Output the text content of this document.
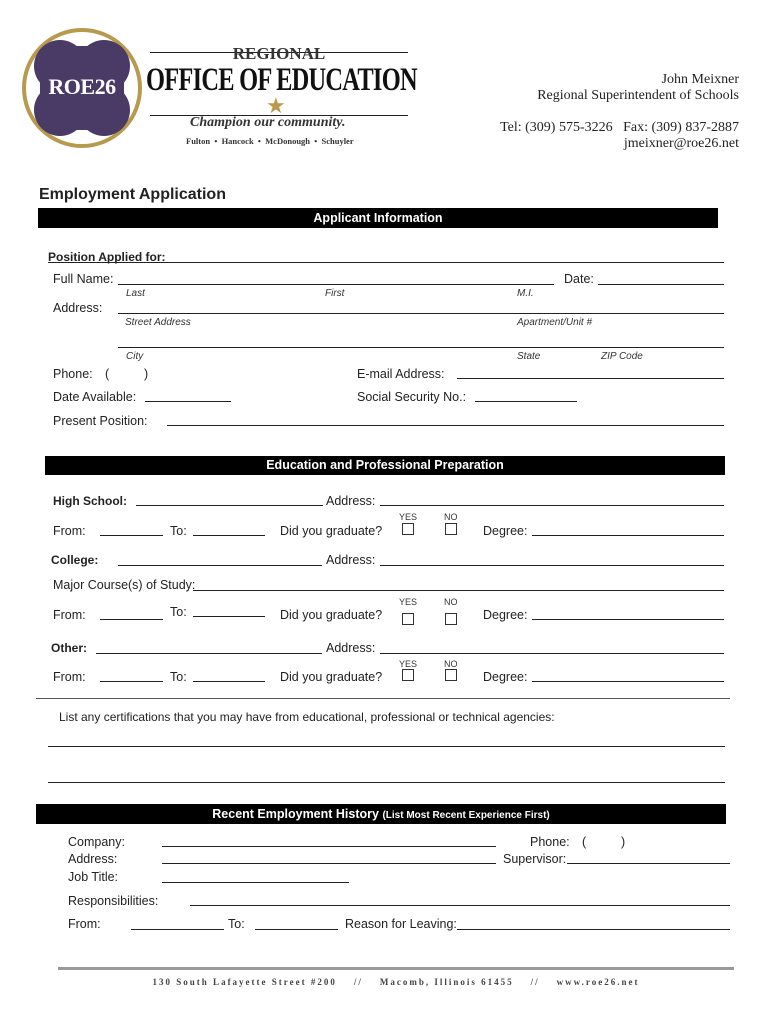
ROE26
REGIONAL
OFFICE OF EDUCATION
★
Champion our community.
Fulton  •  Hancock  •  McDonough  •  Schuyler
John Meixner
Regional Superintendent of Schools
Tel: (309) 575-3226   Fax: (309) 837-2887
jmeixner@roe26.net
Employment Application
Applicant Information
Position Applied for:
Full Name:	Date:
Last	First	M.I.
Address:
Street Address	Apartment/Unit #
City	State	ZIP Code
Phone: (	)	E-mail Address:
Date Available:	Social Security No.:
Present Position:
Education and Professional Preparation
High School:	Address:
YES	NO
From:	To:	Did you graduate?	Degree:
College:	Address:
Major Course(s) of Study:
YES	NO
From:	To:	Did you graduate?	Degree:
Other:	Address:
YES	NO
From:	To:	Did you graduate?	Degree:
List any certifications that you may have from educational, professional or technical agencies:
Recent Employment History (List Most Recent Experience First)
Company:	Phone: (	)
Address:	Supervisor:
Job Title:
Responsibilities:
From:	To:	Reason for Leaving:
130 South Lafayette Street #200    //    Macomb, Illinois 61455    //    www.roe26.net
